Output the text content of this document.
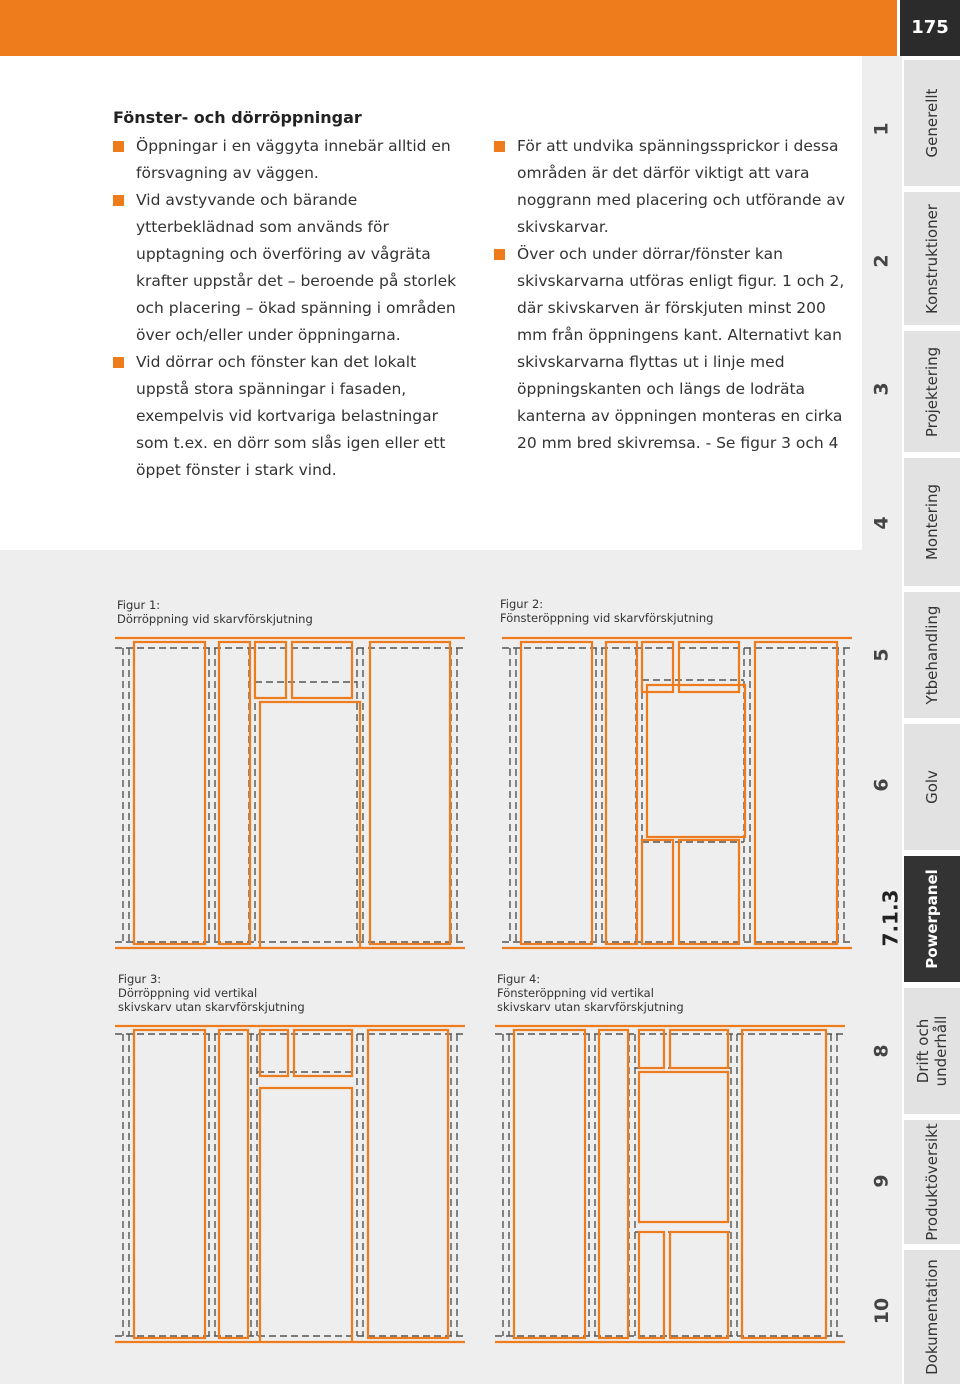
175
Generellt
Konstruktioner
Projektering
Montering
Ytbehandling
Golv
Powerpanel
Drift och underhåll
Produktöversikt
Dokumentation
1
2
3
4
5
6
7.1.3
8
9
10
Fönster- och dörröppningar
Öppningar i en väggyta innebär alltid en försvagning av väggen.
Vid avstyvande och bärande ytterbeklädnad som används för upptagning och överföring av vågräta krafter uppstår det – beroende på storlek och placering – ökad spänning i områden över och/eller under öppningarna.
Vid dörrar och fönster kan det lokalt uppstå stora spänningar i fasaden, exempelvis vid kortvariga belastningar som t.ex. en dörr som slås igen eller ett öppet fönster i stark vind.
För att undvika spänningssprickor i dessa områden är det därför viktigt att vara noggrann med placering och utförande av skivskarvar.
Över och under dörrar/fönster kan skivskarvarna utföras enligt figur. 1 och 2, där skivskarven är förskjuten minst 200 mm från öppningens kant. Alternativt kan skivskarvarna flyttas ut i linje med öppningskanten och längs de lodräta kanterna av öppningen monteras en cirka 20 mm bred skivremsa. - Se figur 3 och 4
Figur 1:
Dörröppning vid skarvförskjutning
Figur 2:
Fönsteröppning vid skarvförskjutning
Figur 3:
Dörröppning vid vertikal
skivskarv utan skarvförskjutning
Figur 4:
Fönsteröppning vid vertikal
skivskarv utan skarvförskjutning
